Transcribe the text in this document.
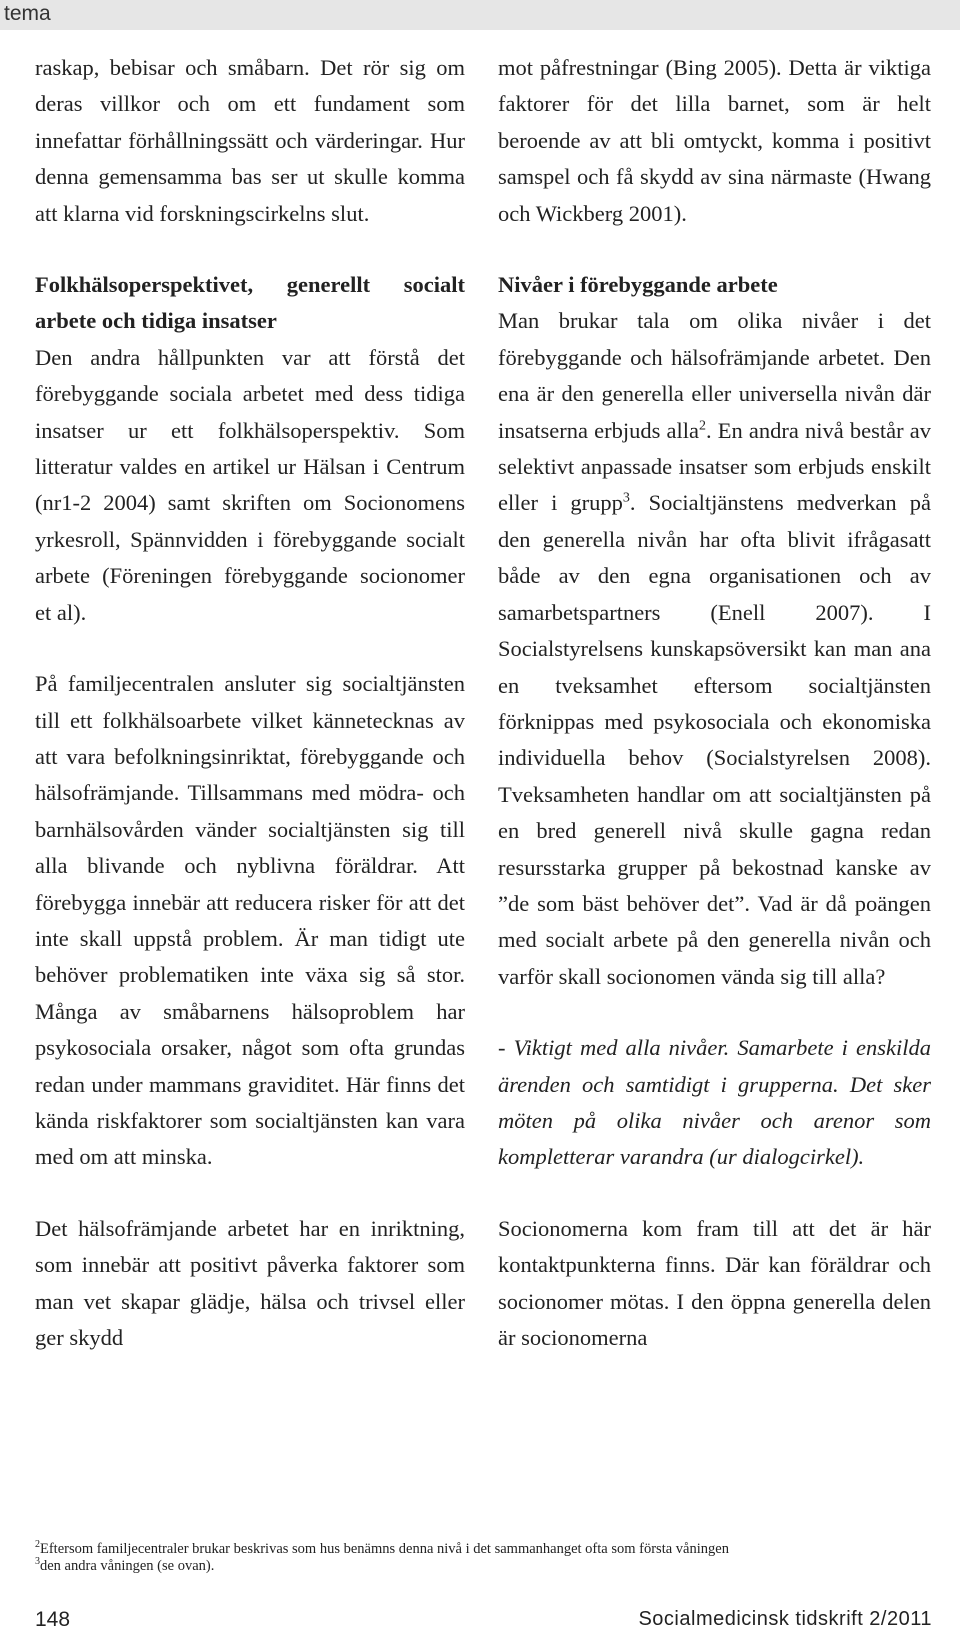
tema

raskap, bebisar och småbarn. Det rör sig om deras villkor och om ett fundament som innefattar förhållningssätt och värderingar. Hur denna gemensamma bas ser ut skulle komma att klarna vid forskningscirkelns slut.

Folkhälsoperspektivet, generellt socialt arbete och tidiga insatser
Den andra hållpunkten var att förstå det förebyggande sociala arbetet med dess tidiga insatser ur ett folkhälsoperspektiv. Som litteratur valdes en artikel ur Hälsan i Centrum (nr1-2 2004) samt skriften om Socionomens yrkesroll, Spännvidden i förebyggande socialt arbete (Föreningen förebyggande socionomer et al).

På familjecentralen ansluter sig socialtjänsten till ett folkhälsoarbete vilket kännetecknas av att vara befolkningsinriktat, förebyggande och hälsofrämjande. Tillsammans med mödra- och barnhälsovården vänder socialtjänsten sig till alla blivande och nyblivna föräldrar. Att förebygga innebär att reducera risker för att det inte skall uppstå problem. Är man tidigt ute behöver problematiken inte växa sig så stor. Många av småbarnens hälsoproblem har psykosociala orsaker, något som ofta grundas redan under mammans graviditet. Här finns det kända riskfaktorer som socialtjänsten kan vara med om att minska.

Det hälsofrämjande arbetet har en inriktning, som innebär att positivt påverka faktorer som man vet skapar glädje, hälsa och trivsel eller ger skydd

mot påfrestningar (Bing 2005). Detta är viktiga faktorer för det lilla barnet, som är helt beroende av att bli omtyckt, komma i positivt samspel och få skydd av sina närmaste (Hwang och Wickberg 2001).

Nivåer i förebyggande arbete
Man brukar tala om olika nivåer i det förebyggande och hälsofrämjande arbetet. Den ena är den generella eller universella nivån där insatserna erbjuds alla$^2$. En andra nivå består av selektivt anpassade insatser som erbjuds enskilt eller i grupp$^3$. Socialtjänstens medverkan på den generella nivån har ofta blivit ifrågasatt både av den egna organisationen och av samarbetspartners (Enell 2007). I Socialstyrelsens kunskapsöversikt kan man ana en tveksamhet eftersom socialtjänsten förknippas med psykosociala och ekonomiska individuella behov (Socialstyrelsen 2008). Tveksamheten handlar om att socialtjänsten på en bred generell nivå skulle gagna redan resursstarka grupper på bekostnad kanske av ”de som bäst behöver det”. Vad är då poängen med socialt arbete på den generella nivån och varför skall socionomen vända sig till alla?

- Viktigt med alla nivåer. Samarbete i enskilda ärenden och samtidigt i grupperna. Det sker möten på olika nivåer och arenor som kompletterar varandra (ur dialogcirkel).

Socionomerna kom fram till att det är här kontaktpunkterna finns. Där kan föräldrar och socionomer mötas. I den öppna generella delen är socionomerna

$^2$Eftersom familjecentraler brukar beskrivas som hus benämns denna nivå i det sammanhanget ofta som första våningen
$^3$den andra våningen (se ovan).
148	Socialmedicinsk tidskrift 2/2011
